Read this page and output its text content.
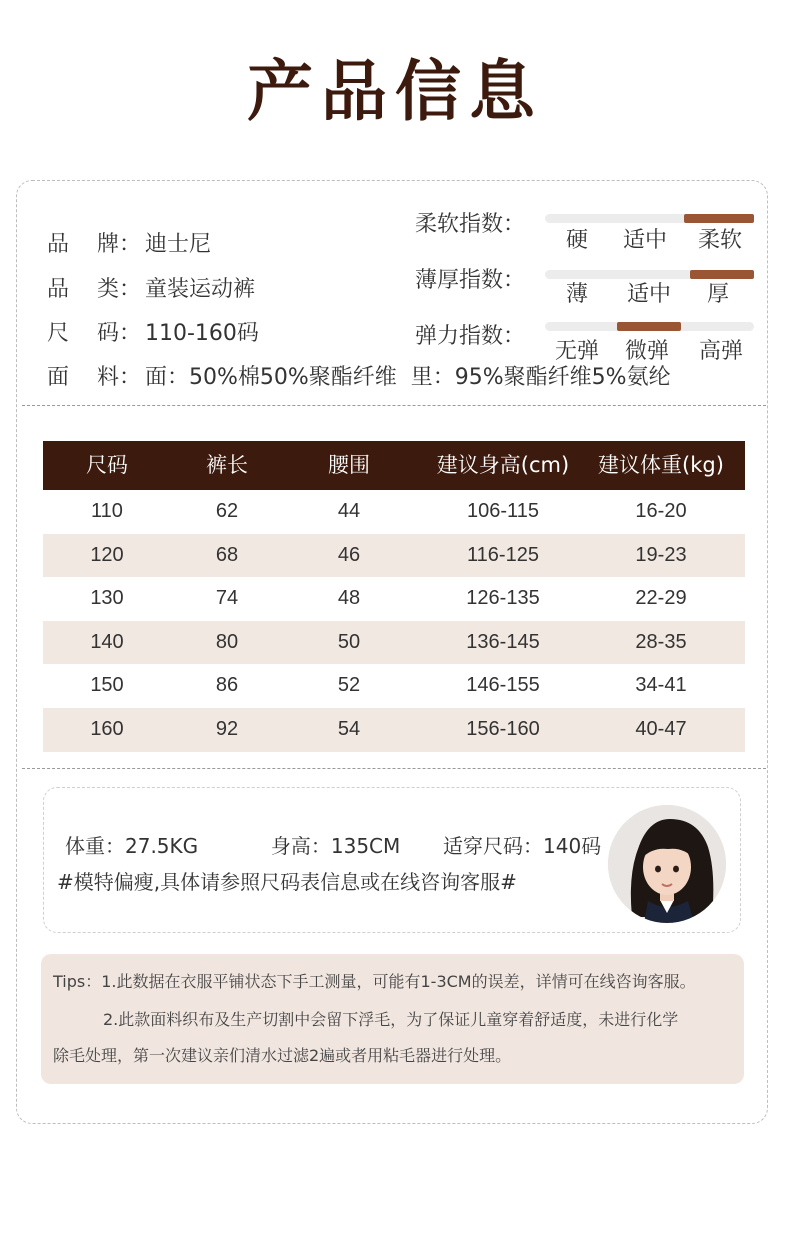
产品信息
品 牌： 迪士尼
品 类： 童装运动裤
尺 码： 110-160码
面 料： 面：50%棉50%聚酯纤维  里：95%聚酯纤维5%氨纶
柔软指数：
硬	适中	柔软
薄厚指数：
薄	适中	厚
弹力指数：
无弹	微弹	高弹
尺码	裤长	腰围	建议身高(cm)	建议体重(kg)
110	62	44	106-115	16-20
120	68	46	116-125	19-23
130	74	48	126-135	22-29
140	80	50	136-145	28-35
150	86	52	146-155	34-41
160	92	54	156-160	40-47
体重：27.5KG	身高：135CM 适穿尺码：140码
#模特偏瘦,具体请参照尺码表信息或在线咨询客服#
Tips：1.此数据在衣服平铺状态下手工测量，可能有1-3CM的误差，详情可在线咨询客服。
2.此款面料织布及生产切割中会留下浮毛，为了保证儿童穿着舒适度，未进行化学
除毛处理，第一次建议亲们清水过滤2遍或者用粘毛器进行处理。
